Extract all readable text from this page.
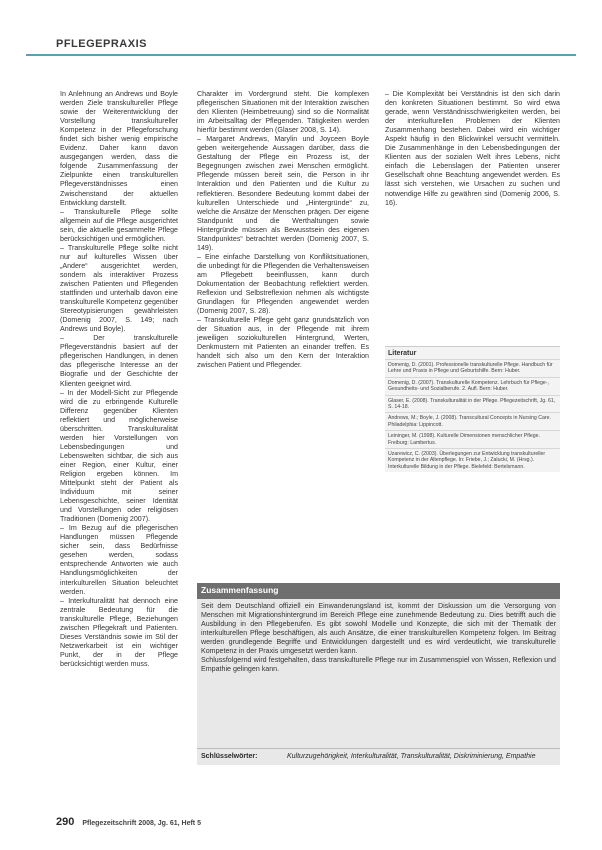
PFLEGEPRAXIS

In Anlehnung an Andrews und Boyle werden Ziele transkultureller Pflege sowie der Weiterentwicklung der Vorstellung transkultureller Kompetenz in der Pflegeforschung findet sich bisher wenig empirische Evidenz. Daher kann davon ausgegangen werden, dass die folgende Zusammenfassung der Zielpunkte einen transkulturellen Pflegeverständnisses einen Zwischenstand der aktuellen Entwicklung darstellt.

– Transkulturelle Pflege sollte allgemein auf die Pflege ausgerichtet sein, die aktuelle gesammelte Pflege berücksichtigen und ermöglichen.

– Transkulturelle Pflege sollte nicht nur auf kulturelles Wissen über „Andere“ ausgerichtet werden, sondern als interaktiver Prozess zwischen Patienten und Pflegenden stattfinden und unterhalb davon eine transkulturelle Kompetenz gegenüber Stereotypisierungen gewährleisten (Domenig 2007, S. 149; nach Andrews und Boyle).

– Der transkulturelle Pflegeverständnis basiert auf der pflegerischen Handlungen, in denen das pflegerische Interesse an der Biografie und der Geschichte der Klienten geeignet wird.

– In der Modell-Sicht zur Pflegende wird die zu erbringende Kulturelle Differenz gegenüber Klienten reflektiert und möglicherweise überschritten. Transkulturalität werden hier Vorstellungen von Lebensbedingungen und Lebenswelten sichtbar, die sich aus einer Region, einer Kultur, einer Religion ergeben können. Im Mittelpunkt steht der Patient als Individuum mit seiner Lebensgeschichte, seiner Identität und Vorstellungen oder religiösen Traditionen (Domenig 2007).

– Im Bezug auf die pflegerischen Handlungen müssen Pflegende sicher sein, dass Bedürfnisse gesehen werden, sodass entsprechende Antworten wie auch Handlungsmöglichkeiten der interkulturellen Situation beleuchtet werden.

– Interkulturalität hat dennoch eine zentrale Bedeutung für die transkulturelle Pflege, Beziehungen zwischen Pflegekraft und Patienten. Dieses Verständnis sowie im Stil der Netzwerkarbeit ist ein wichtiger Punkt, der in der Pflege berücksichtigt werden muss.

Charakter im Vordergrund steht. Die komplexen pflegerischen Situationen mit der Interaktion zwischen den Klienten (Heimbetreuung) sind so die Normalität im Arbeitsalltag der Pflegenden. Tätigkeiten werden hierfür bestimmt werden (Glaser 2008, S. 14).

– Margaret Andrews, Marylin und Joyceen Boyle geben weitergehende Aussagen darüber, dass die Gestaltung der Pflege ein Prozess ist, der Begegnungen zwischen zwei Menschen ermöglicht. Pflegende müssen bereit sein, die Person in ihr Interaktion und den Patienten und die Kultur zu reflektieren. Besondere Bedeutung kommt dabei der kulturellen Unterschiede und „Hintergründe“ zu, welche die Ansätze der Menschen prägen. Der eigene Standpunkt und die Werthaltungen sowie Hintergründe müssen als Bewusstsein des eigenen Standpunktes“ betrachtet werden (Domenig 2007, S. 149).

– Eine einfache Darstellung von Konfliktsituationen, die unbedingt für die Pflegenden die Verhaltensweisen am Pflegebett beeinflussen, kann durch Dokumentation der Beobachtung reflektiert werden. Reflexion und Selbstreflexion nehmen als wichtigste Grundlagen für Pflegenden angewendet werden (Domenig 2007, S. 28).

– Transkulturelle Pflege geht ganz grundsätzlich von der Situation aus, in der Pflegende mit ihrem jeweiligen soziokulturellen Hintergrund, Werten, Denkmustern mit Patienten an einander treffen. Es handelt sich also um den Kern der Interaktion zwischen Patient und Pflegender.

– Die Komplexität bei Verständnis ist den sich darin den konkreten Situationen bestimmt. So wird etwa gerade, wenn Verständnisschwierigkeiten werden, bei der interkulturellen Problemen der Klienten Zusammenhang bestehen. Dabei wird ein wichtiger Aspekt häufig in den Blickwinkel versucht vermitteln. Die Zusammenhänge in den Lebensbedingungen der Klienten aus der sozialen Welt ihres Lebens, nicht einfach die Lebenslagen der Patienten unserer Gesellschaft ohne Beachtung angewendet werden. Es lässt sich verstehen, wie Ursachen zu suchen und notwendige Hilfe zu gewähren sind (Domenig 2006, S. 16).

Literatur
Domenig, D. (2001). Professionelle transkulturelle Pflege. Handbuch für Lehre und Praxis in Pflege und Geburtshilfe. Bern: Huber.
Domenig, D. (2007). Transkulturelle Kompetenz. Lehrbuch für Pflege-, Gesundheits- und Sozialberufe. 2. Aufl. Bern: Huber.
Glaser, E. (2008). Transkulturalität in der Pflege. Pflegezeitschrift, Jg. 61, S. 14-18.
Andrews, M.; Boyle, J. (2008). Transcultural Concepts in Nursing Care. Philadelphia: Lippincott.
Leininger, M. (1998). Kulturelle Dimensionen menschlicher Pflege. Freiburg: Lambertus.
Uzarewicz, C. (2003). Überlegungen zur Entwicklung transkultureller Kompetenz in der Altenpflege. In: Friebe, J.; Zalucki, M. (Hrsg.). Interkulturelle Bildung in der Pflege. Bielefeld: Bertelsmann.
Zusammenfassung

Seit dem Deutschland offiziell ein Einwanderungsland ist, kommt der Diskussion um die Versorgung von Menschen mit Migrationshintergrund im Bereich Pflege eine zunehmende Bedeutung zu. Dies betrifft auch die Ausbildung in den Pflegeberufen. Es gibt sowohl Modelle und Konzepte, die sich mit der Thematik der interkulturellen Pflege beschäftigen, als auch Ansätze, die einer transkulturellen Kompetenz folgen. Im Beitrag werden grundlegende Begriffe und Entwicklungen dargestellt und es wird verdeutlicht, wie transkulturelle Kompetenz in der Praxis umgesetzt werden kann.

Schlussfolgernd wird festgehalten, dass transkulturelle Pflege nur im Zusammenspiel von Wissen, Reflexion und Empathie gelingen kann.

Schlüsselwörter:	Kulturzugehörigkeit, Interkulturalität, Transkulturalität, Diskriminierung, Empathie
290 Pflegezeitschrift 2008, Jg. 61, Heft 5
